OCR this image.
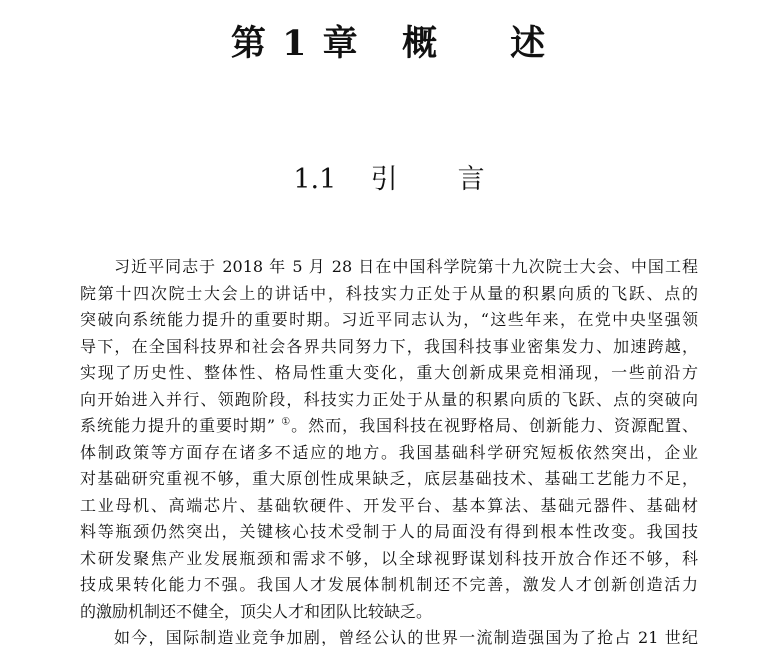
第 1 章   概     述
1.1    引       言
习近平同志于 2018 年 5 月 28 日在中国科学院第十九次院士大会、中国工程
院第十四次院士大会上的讲话中，科技实力正处于从量的积累向质的飞跃、点的
突破向系统能力提升的重要时期。习近平同志认为，“这些年来，在党中央坚强领
导下，在全国科技界和社会各界共同努力下，我国科技事业密集发力、加速跨越，
实现了历史性、整体性、格局性重大变化，重大创新成果竞相涌现，一些前沿方
向开始进入并行、领跑阶段，科技实力正处于从量的积累向质的飞跃、点的突破向
系统能力提升的重要时期” ①。然而，我国科技在视野格局、创新能力、资源配置、
体制政策等方面存在诸多不适应的地方。我国基础科学研究短板依然突出，企业
对基础研究重视不够，重大原创性成果缺乏，底层基础技术、基础工艺能力不足，
工业母机、高端芯片、基础软硬件、开发平台、基本算法、基础元器件、基础材
料等瓶颈仍然突出，关键核心技术受制于人的局面没有得到根本性改变。我国技
术研发聚焦产业发展瓶颈和需求不够，以全球视野谋划科技开放合作还不够，科
技成果转化能力不强。我国人才发展体制机制还不完善，激发人才创新创造活力
的激励机制还不健全，顶尖人才和团队比较缺乏。
如今，国际制造业竞争加剧，曾经公认的世界一流制造强国为了抢占 21 世纪
